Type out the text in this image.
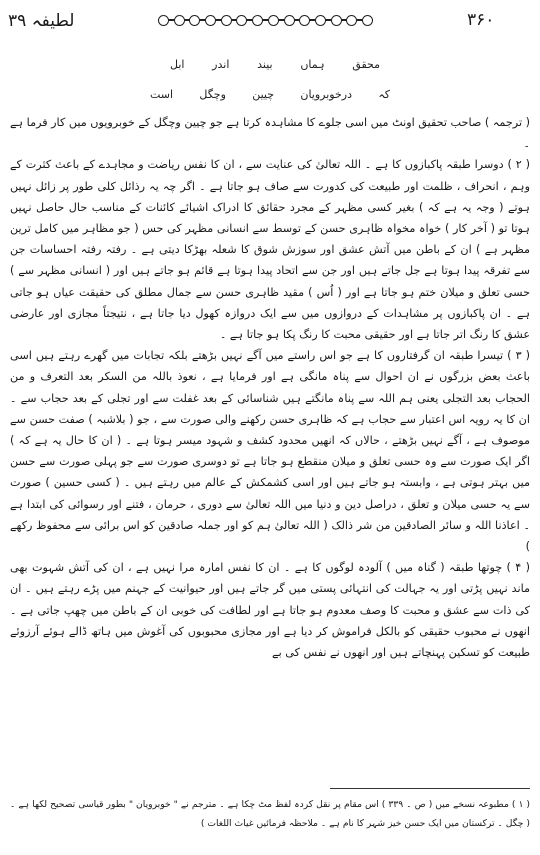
لطیفہ ۳۹	۳۶۰
محقق
ہماں
بیند
اندر
ابل
کہ
درخوبرویان
چیین
وچگل
است

( ترجمہ ) صاحب تحقیق اونٹ میں اسی جلوے کا مشاہدہ کرتا ہے جو چیین وچگل کے خوبرویوں میں کار فرما ہے ۔

( ۲ ) دوسرا طبقہ پاکبازوں کا ہے ۔ اللہ تعالیٰ کی عنایت سے ، ان کا نفس ریاضت و مجاہدے کے باعث کثرت کے وہم ، انحراف ، ظلمت اور طبیعت کی کدورت سے صاف ہو جاتا ہے ۔ اگر چہ یہ رذائل کلی طور پر زائل نہیں ہوتے ( وجہ یہ ہے کہ ) بغیر کسی مظہر کے مجرد حقائق کا ادراک اشیائے کائنات کے مناسب حال حاصل نہیں ہوتا تو ( آخر کار ) خواہ مخواہ ظاہری حسن کے توسط سے انسانی مظہر کی حس ( جو مظاہر میں کامل ترین مظہر ہے ) ان کے باطن میں آتش عشق اور سوزش شوق کا شعلہ بھڑکا دیتی ہے ۔ رفتہ رفتہ احساسات جن سے تفرقہ پیدا ہوتا ہے جل جاتے ہیں اور جن سے اتحاد پیدا ہوتا ہے قائم ہو جاتے ہیں اور ( انسانی مظہر سے ) حسی تعلق و میلان ختم ہو جاتا ہے اور ( اُس ) مقید ظاہری حسن سے جمال مطلق کی حقیقت عیاں ہو جاتی ہے ۔ ان پاکبازوں پر مشاہدات کے دروازوں میں سے ایک دروازہ کھول دیا جاتا ہے ، نتیجتاً مجازی اور عارضی عشق کا رنگ اتر جاتا ہے اور حقیقی محبت کا رنگ پکا ہو جاتا ہے ۔

( ۳ ) تیسرا طبقہ ان گرفتاروں کا ہے جو اس راستے میں آگے نہیں بڑھتے بلکہ تجابات میں گھرے رہتے ہیں اسی باعث بعض بزرگوں نے ان احوال سے پناہ مانگی ہے اور فرمایا ہے ، نعوذ باللہ من السکر بعد التعرف و من الحجاب بعد التجلی یعنی ہم اللہ سے پناہ مانگتے ہیں شناسائی کے بعد غفلت سے اور تجلی کے بعد حجاب سے ۔ ان کا یہ رویہ اس اعتبار سے حجاب ہے کہ ظاہری حسن رکھنے والی صورت سے ، جو ( بلاشبہ ) صفت حسن سے موصوف ہے ، آگے نہیں بڑھتے ، حالاں کہ انھیں محدود کشف و شہود میسر ہوتا ہے ۔ ( ان کا حال یہ ہے کہ ) اگر ایک صورت سے وہ حسی تعلق و میلان منقطع ہو جاتا ہے تو دوسری صورت سے جو پہلی صورت سے حسن میں بہتر ہوتی ہے ، وابستہ ہو جاتے ہیں اور اسی کشمکش کے عالم میں رہتے ہیں ۔ ( کسی حسین ) صورت سے یہ حسی میلان و تعلق ، دراصل دین و دنیا میں اللہ تعالیٰ سے دوری ، حرمان ، فتنے اور رسوائی کی ابتدا ہے ۔ اعاذنا اللہ و سائر الصادقین من شر ذالک ( اللہ تعالیٰ ہم کو اور جملہ صادقین کو اس برائی سے محفوظ رکھے )

( ۴ ) چوتھا طبقہ ( گناہ میں ) آلودہ لوگوں کا ہے ۔ ان کا نفس امارہ مرا نہیں ہے ، ان کی آتش شہوت بھی ماند نہیں پڑتی اور یہ جہالت کی انتہائی پستی میں گر جاتے ہیں اور حیوانیت کے جہنم میں پڑے رہتے ہیں ۔ ان کی ذات سے عشق و محبت کا وصف معدوم ہو جاتا ہے اور لطافت کی خوبی ان کے باطن میں چھپ جاتی ہے ۔ انھوں نے محبوب حقیقی کو بالکل فراموش کر دیا ہے اور مجازی محبوبوں کی آغوش میں ہاتھ ڈالے ہوئے آرزوئے طبیعت کو تسکین پہنچاتے ہیں اور انھوں نے نفس کی بے

( ۱ ) مطبوعہ نسخے میں ( ص ۔ ۳۳۹ ) اس مقام پر نقل کردہ لفظ مٹ چکا ہے ۔ مترجم نے " خوبرویان " بطور قیاسی تصحیح لکھا ہے ۔ ( چگل ۔ ترکستان میں ایک حسن خیز شہر کا نام ہے ۔ ملاحظہ فرمائیں غیاث اللغات )
